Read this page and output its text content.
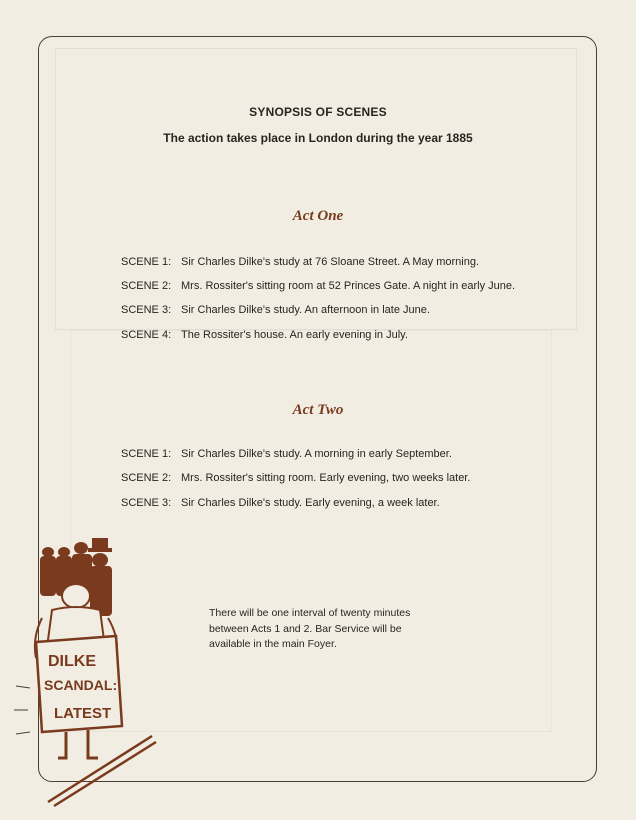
SYNOPSIS OF SCENES
The action takes place in London during the year 1885
Act One
SCENE 1: Sir Charles Dilke's study at 76 Sloane Street. A May morning.
SCENE 2: Mrs. Rossiter's sitting room at 52 Princes Gate. A night in early June.
SCENE 3: Sir Charles Dilke's study. An afternoon in late June.
SCENE 4: The Rossiter's house. An early evening in July.
Act Two
SCENE 1: Sir Charles Dilke's study. A morning in early September.
SCENE 2: Mrs. Rossiter's sitting room. Early evening, two weeks later.
SCENE 3: Sir Charles Dilke's study. Early evening, a week later.
There will be one interval of twenty minutes
between Acts 1 and 2. Bar Service will be
available in the main Foyer.
DILKE
SCANDAL:
LATEST
